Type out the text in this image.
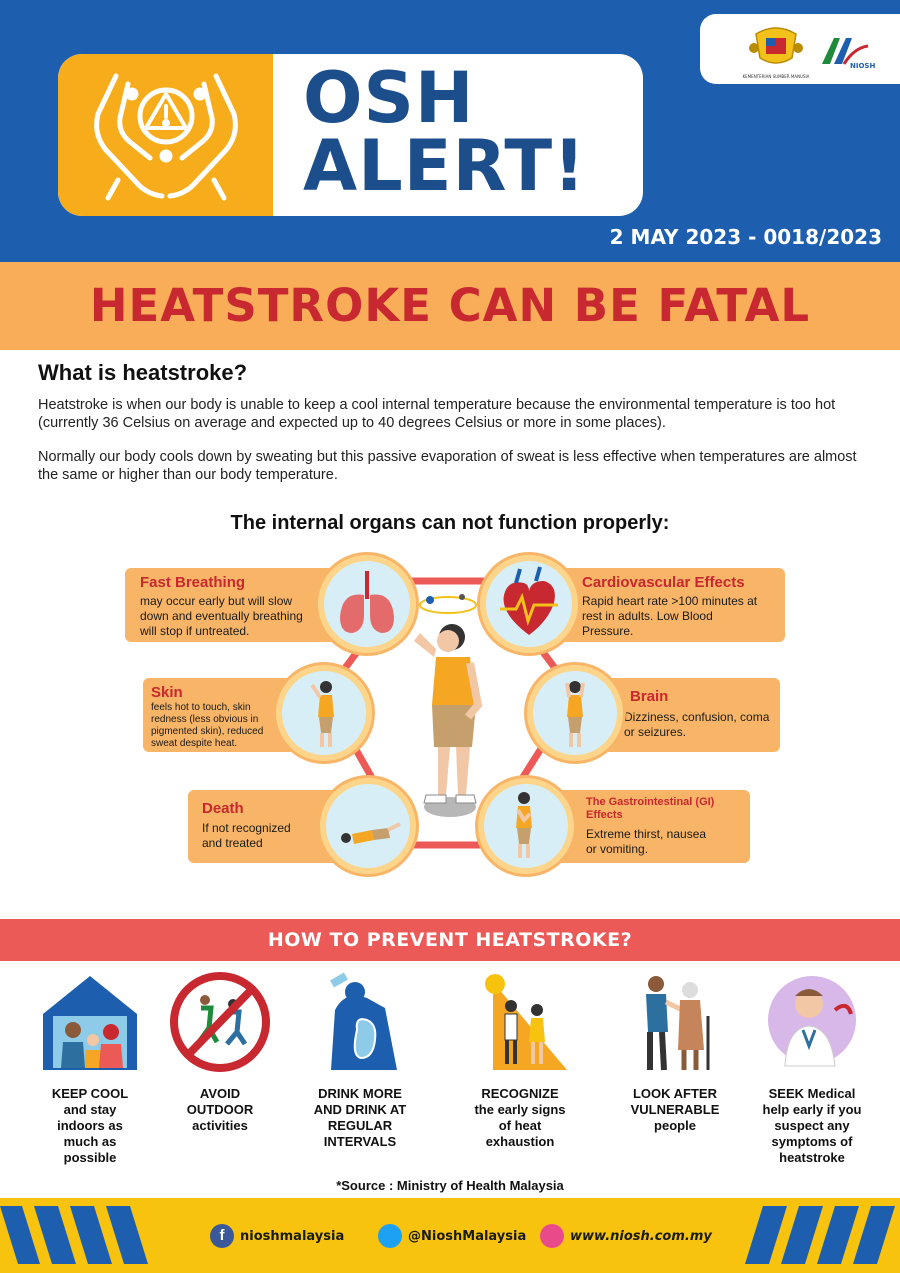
OSH
ALERT!
KEMENTERIAN SUMBER MANUSIA
NIOSH
2 MAY 2023 - 0018/2023
HEATSTROKE CAN BE FATAL
What is heatstroke?

Heatstroke is when our body is unable to keep a cool internal temperature because the environmental temperature is too hot (currently 36 Celsius on average and expected up to 40 degrees Celsius or more in some places).

Normally our body cools down by sweating but this passive evaporation of sweat is less effective when temperatures are almost the same or higher than our body temperature.

The internal organs can not function properly:
Fast Breathing
may occur early but will slow down and eventually breathing will stop if untreated.
Cardiovascular Effects
Rapid heart rate >100 minutes at rest in adults. Low Blood Pressure.
Skin
feels hot to touch, skin redness (less obvious in pigmented skin), reduced sweat despite heat.
Brain
Dizziness, confusion, coma or seizures.
Death
If not recognized and treated
The Gastrointestinal (GI) Effects
Extreme thirst, nausea or vomiting.
HOW TO PREVENT HEATSTROKE?
KEEP COOL
and stay
indoors as
much as
possible
AVOID
OUTDOOR
activities
DRINK MORE
AND DRINK AT
REGULAR
INTERVALS
RECOGNIZE
the early signs
of heat
exhaustion
LOOK AFTER
VULNERABLE
people
SEEK Medical
help early if you
suspect any
symptoms of
heatstroke
*Source : Ministry of Health Malaysia
f	nioshmalaysia	@NioshMalaysia	www.niosh.com.my
